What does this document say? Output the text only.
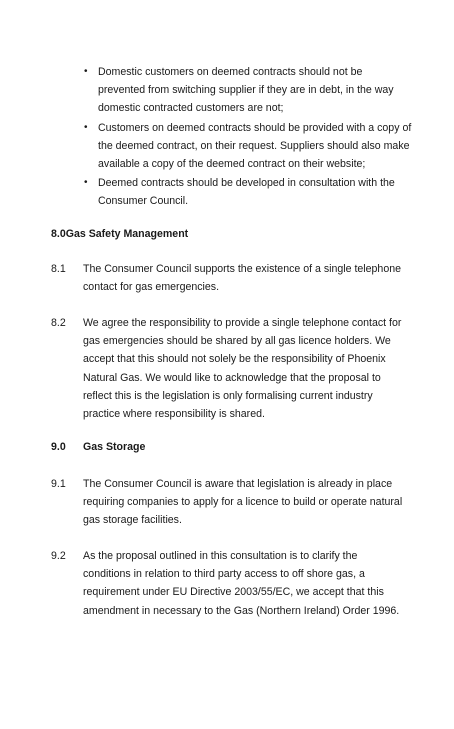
• Domestic customers on deemed contracts should not be prevented from switching supplier if they are in debt, in the way domestic contracted customers are not;
• Customers on deemed contracts should be provided with a copy of the deemed contract, on their request. Suppliers should also make available a copy of the deemed contract on their website;
• Deemed contracts should be developed in consultation with the Consumer Council.
8.0Gas Safety Management
8.1 The Consumer Council supports the existence of a single telephone contact for gas emergencies.
8.2 We agree the responsibility to provide a single telephone contact for gas emergencies should be shared by all gas licence holders. We accept that this should not solely be the responsibility of Phoenix Natural Gas. We would like to acknowledge that the proposal to reflect this is the legislation is only formalising current industry practice where responsibility is shared.
9.0 Gas Storage
9.1 The Consumer Council is aware that legislation is already in place requiring companies to apply for a licence to build or operate natural gas storage facilities.
9.2 As the proposal outlined in this consultation is to clarify the conditions in relation to third party access to off shore gas, a requirement under EU Directive 2003/55/EC, we accept that this amendment in necessary to the Gas (Northern Ireland) Order 1996.
